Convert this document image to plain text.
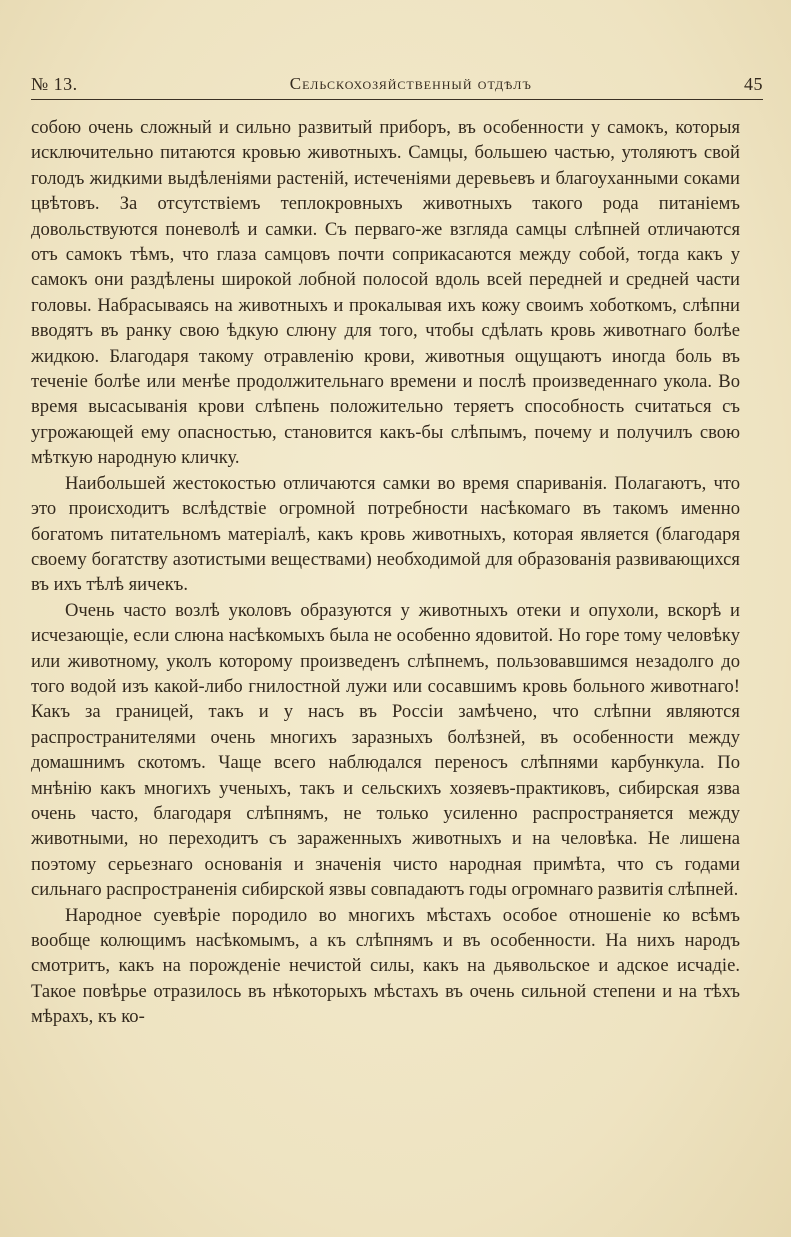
№ 13.	Сельскохозяйственный отдѣлъ	45

собою очень сложный и сильно развитый приборъ, въ особенности у самокъ, которыя исключительно питаются кровью животныхъ. Самцы, большею частью, утоляютъ свой голодъ жидкими выдѣленіями растеній, истеченіями деревьевъ и благоуханными соками цвѣтовъ. За отсутствіемъ теплокровныхъ животныхъ такого рода питаніемъ довольствуются поневолѣ и самки. Съ перваго-же взгляда самцы слѣпней отличаются отъ самокъ тѣмъ, что глаза самцовъ почти соприкасаются между собой, тогда какъ у самокъ они раздѣлены широкой лобной полосой вдоль всей передней и средней части головы. Набрасываясь на животныхъ и прокалывая ихъ кожу своимъ хоботкомъ, слѣпни вводятъ въ ранку свою ѣдкую слюну для того, чтобы сдѣлать кровь животнаго болѣе жидкою. Благодаря такому отравленію крови, животныя ощущаютъ иногда боль въ теченіе болѣе или менѣе продолжительнаго времени и послѣ произведеннаго укола. Во время высасыванія крови слѣпень положительно теряетъ способность считаться съ угрожающей ему опасностью, становится какъ-бы слѣпымъ, почему и получилъ свою мѣткую народную кличку.

Наибольшей жестокостью отличаются самки во время спариванія. Полагаютъ, что это происходитъ вслѣдствіе огромной потребности насѣкомаго въ такомъ именно богатомъ питательномъ матеріалѣ, какъ кровь животныхъ, которая является (благодаря своему богатству азотистыми веществами) необходимой для образованія развивающихся въ ихъ тѣлѣ яичекъ.

Очень часто возлѣ уколовъ образуются у животныхъ отеки и опухоли, вскорѣ и исчезающіе, если слюна насѣкомыхъ была не особенно ядовитой. Но горе тому человѣку или животному, уколъ которому произведенъ слѣпнемъ, пользовавшимся незадолго до того водой изъ какой-либо гнилостной лужи или сосавшимъ кровь больного животнаго! Какъ за границей, такъ и у насъ въ Россіи замѣчено, что слѣпни являются распространителями очень многихъ заразныхъ болѣзней, въ особенности между домашнимъ скотомъ. Чаще всего наблюдался переносъ слѣпнями карбункула. По мнѣнію какъ многихъ ученыхъ, такъ и сельскихъ хозяевъ-практиковъ, сибирская язва очень часто, благодаря слѣпнямъ, не только усиленно распространяется между животными, но переходитъ съ зараженныхъ животныхъ и на человѣка. Не лишена поэтому серьезнаго основанія и значенія чисто народная примѣта, что съ годами сильнаго распространенія сибирской язвы совпадаютъ годы огромнаго развитія слѣпней.

Народное суевѣріе породило во многихъ мѣстахъ особое отношеніе ко всѣмъ вообще колющимъ насѣкомымъ, а къ слѣпнямъ и въ особенности. На нихъ народъ смотритъ, какъ на порожденіе нечистой силы, какъ на дьявольское и адское исчадіе. Такое повѣрье отразилось въ нѣкоторыхъ мѣстахъ въ очень сильной степени и на тѣхъ мѣрахъ, къ ко-
